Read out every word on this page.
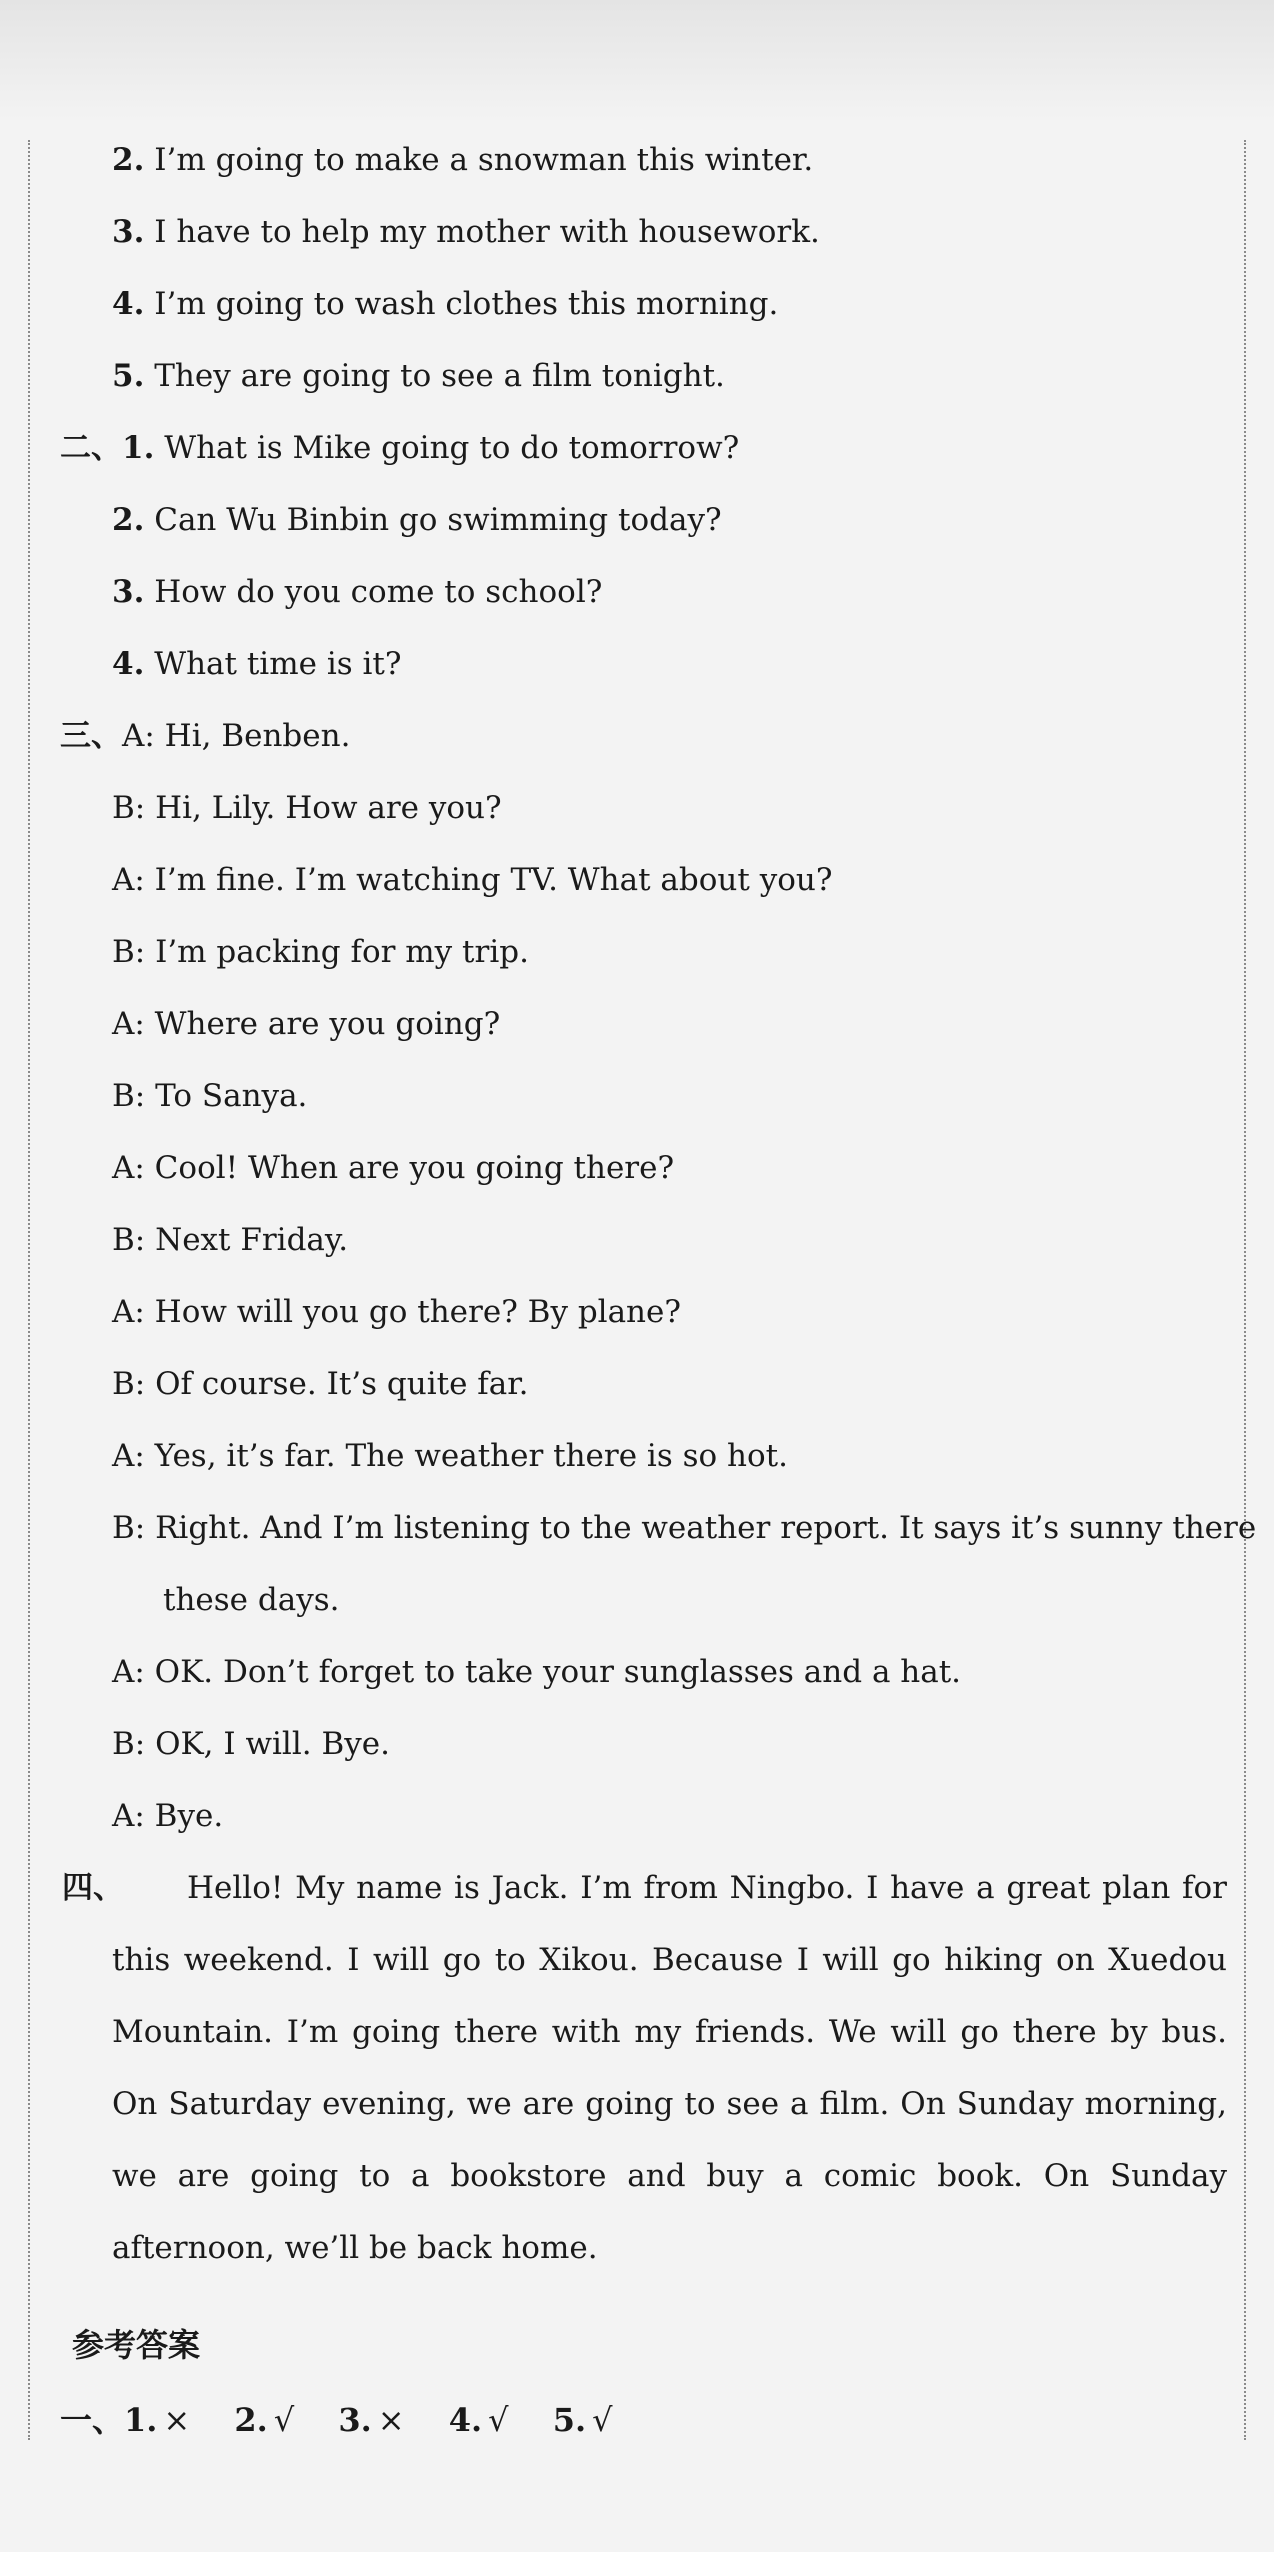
2. I’m going to make a snowman this winter.
3. I have to help my mother with housework.
4. I’m going to wash clothes this morning.
5. They are going to see a film tonight.
二、1. What is Mike going to do tomorrow?
2. Can Wu Binbin go swimming today?
3. How do you come to school?
4. What time is it?
三、A: Hi, Benben.
B: Hi, Lily. How are you?
A: I’m fine. I’m watching TV. What about you?
B: I’m packing for my trip.
A: Where are you going?
B: To Sanya.
A: Cool! When are you going there?
B: Next Friday.
A: How will you go there? By plane?
B: Of course. It’s quite far.
A: Yes, it’s far. The weather there is so hot.
B: Right. And I’m listening to the weather report. It says it’s sunny there
these days.
A: OK. Don’t forget to take your sunglasses and a hat.
B: OK, I will. Bye.
A: Bye.
四、 Hello! My name is Jack. I’m from Ningbo. I have a great plan for this weekend. I will go to Xikou. Because I will go hiking on Xuedou Mountain. I’m going there with my friends. We will go there by bus. On Saturday evening, we are going to see a film. On Sunday morning, we are going to a bookstore and buy a comic book. On Sunday afternoon, we’ll be back home.
参考答案
一、1. × 2. √ 3. × 4. √ 5. √
